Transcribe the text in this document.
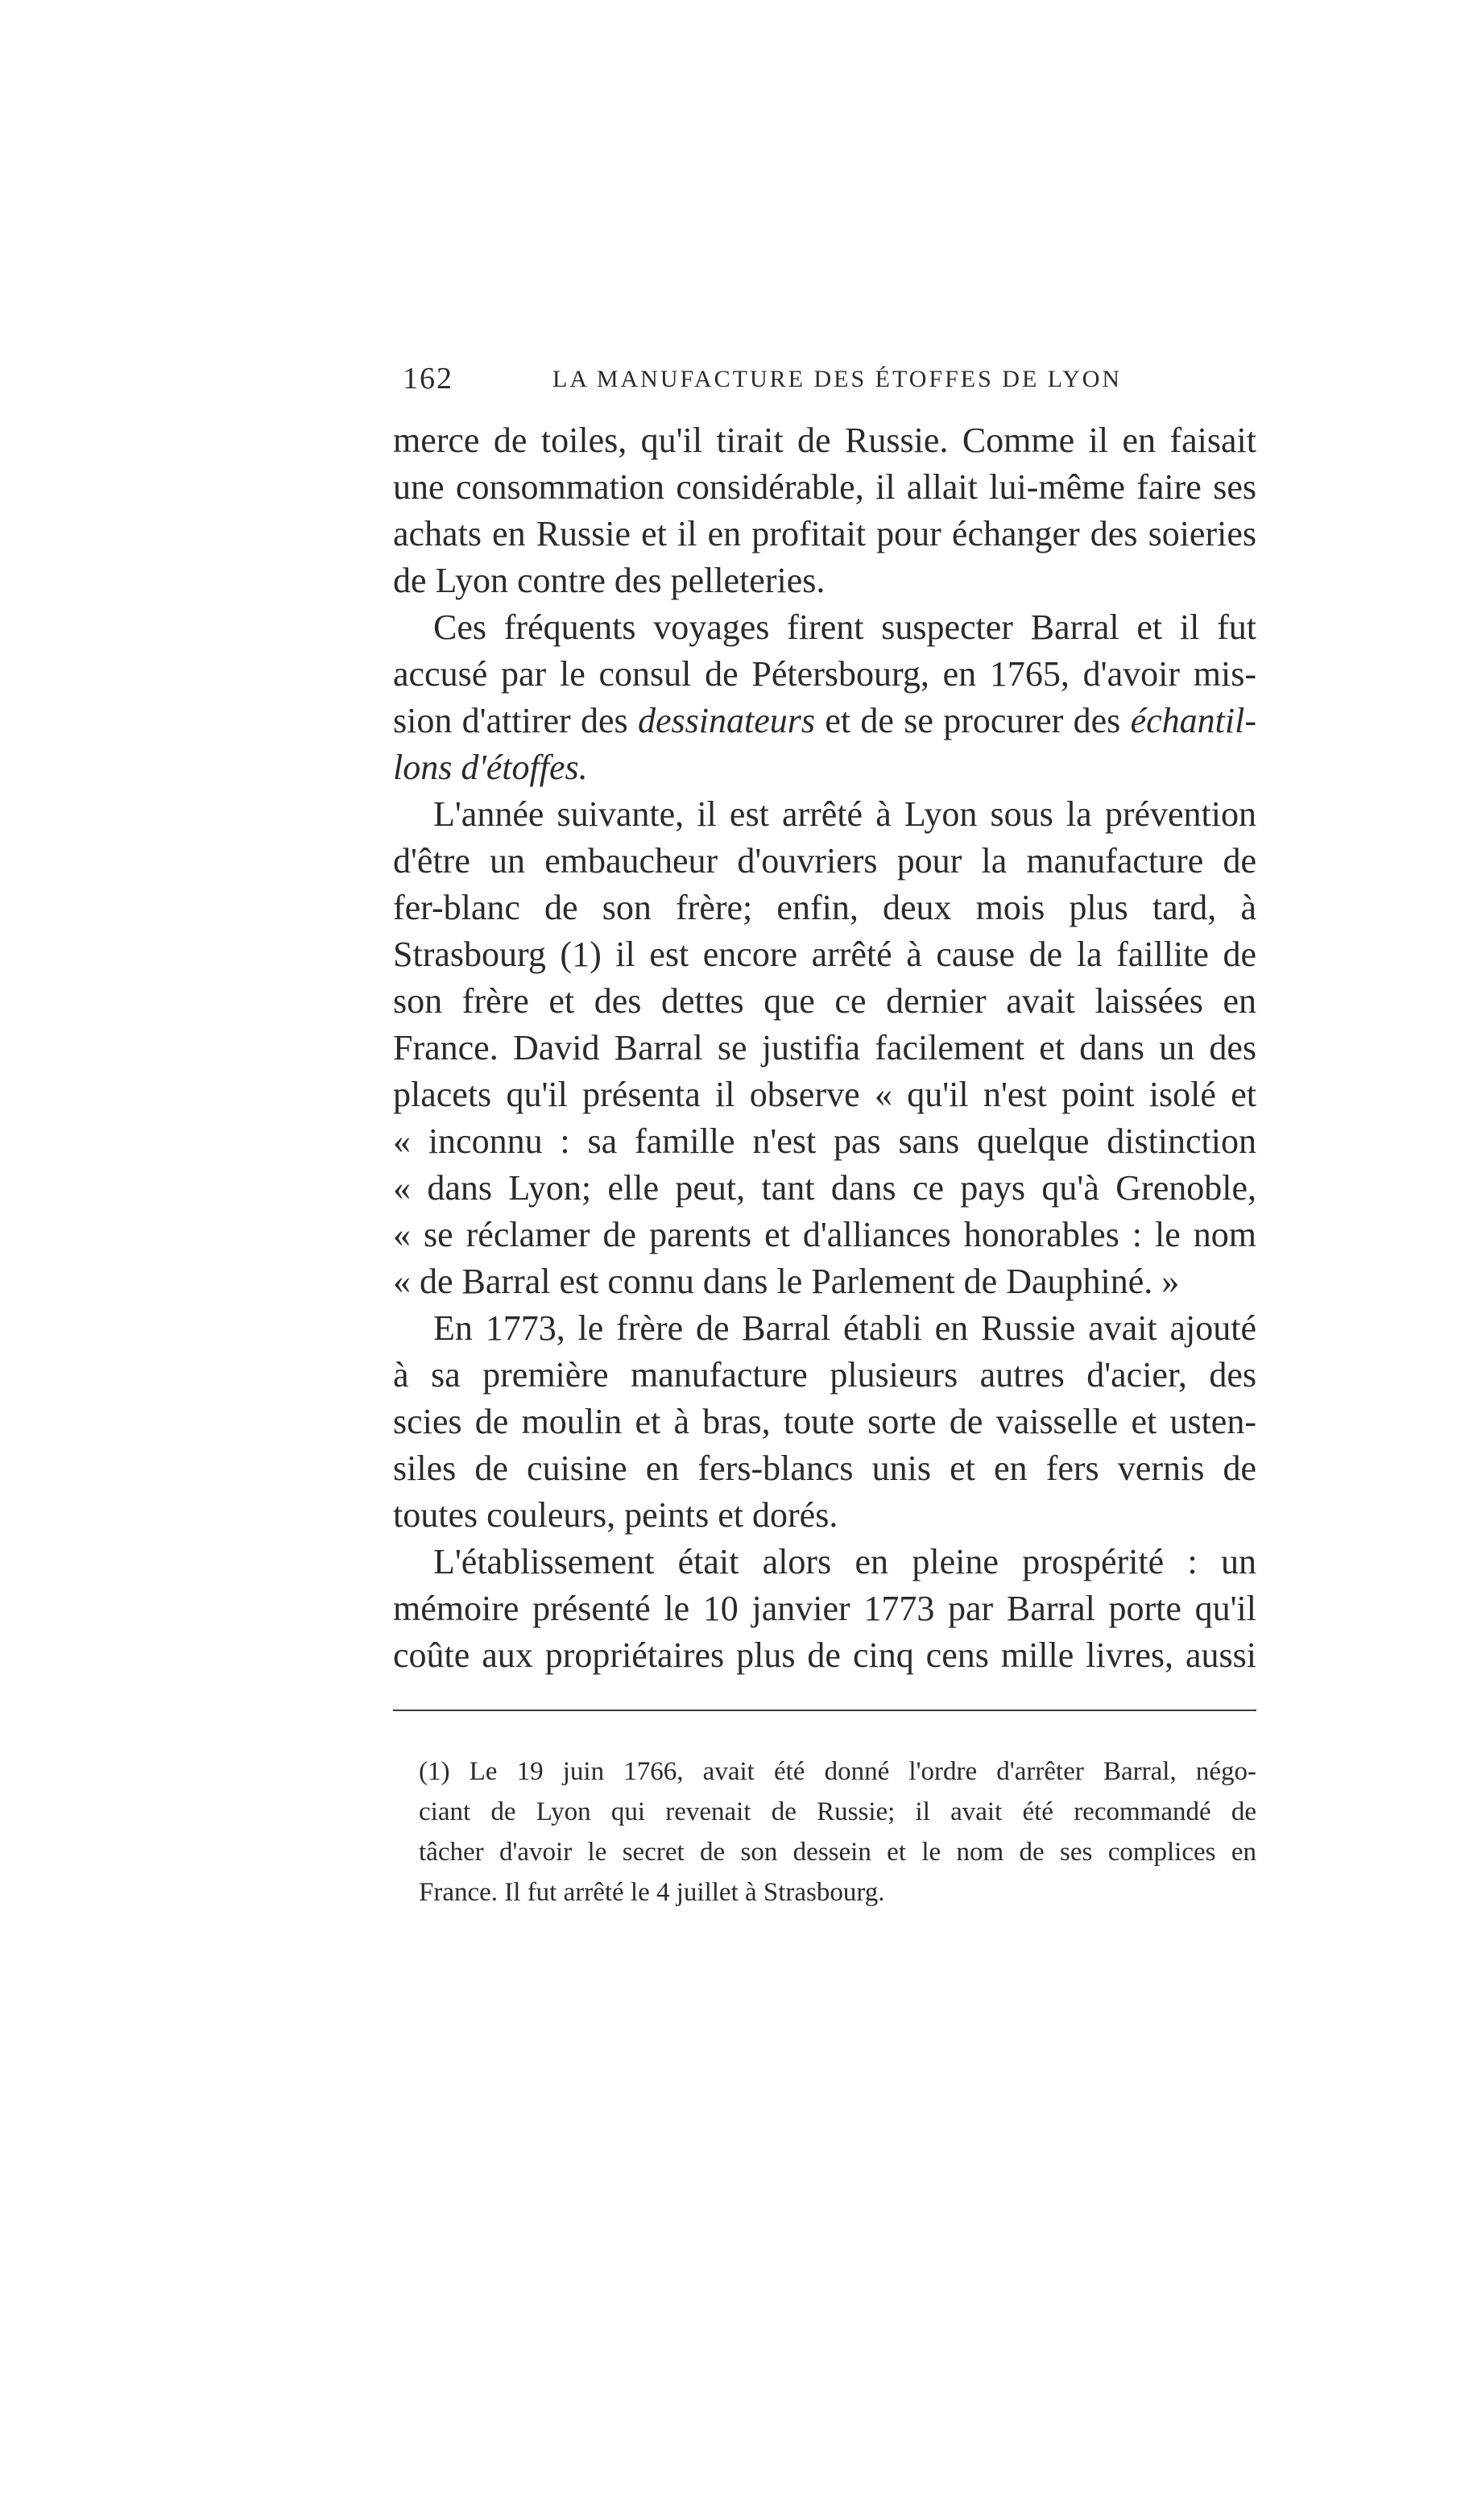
162	LA MANUFACTURE DES ÉTOFFES DE LYON
merce de toiles, qu'il tirait de Russie. Comme il en faisait
une consommation considérable, il allait lui-même faire ses
achats en Russie et il en profitait pour échanger des soieries
de Lyon contre des pelleteries.
Ces fréquents voyages firent suspecter Barral et il fut
accusé par le consul de Pétersbourg, en 1765, d'avoir mis-
sion d'attirer des dessinateurs et de se procurer des échantil-
lons d'étoffes.
L'année suivante, il est arrêté à Lyon sous la prévention
d'être un embaucheur d'ouvriers pour la manufacture de
fer-blanc de son frère; enfin, deux mois plus tard, à
Strasbourg (1) il est encore arrêté à cause de la faillite de
son frère et des dettes que ce dernier avait laissées en
France. David Barral se justifia facilement et dans un des
placets qu'il présenta il observe « qu'il n'est point isolé et
« inconnu : sa famille n'est pas sans quelque distinction
« dans Lyon; elle peut, tant dans ce pays qu'à Grenoble,
« se réclamer de parents et d'alliances honorables : le nom
« de Barral est connu dans le Parlement de Dauphiné. »
En 1773, le frère de Barral établi en Russie avait ajouté
à sa première manufacture plusieurs autres d'acier, des
scies de moulin et à bras, toute sorte de vaisselle et usten-
siles de cuisine en fers-blancs unis et en fers vernis de
toutes couleurs, peints et dorés.
L'établissement était alors en pleine prospérité : un
mémoire présenté le 10 janvier 1773 par Barral porte qu'il
coûte aux propriétaires plus de cinq cens mille livres, aussi
(1) Le 19 juin 1766, avait été donné l'ordre d'arrêter Barral, négo-
ciant de Lyon qui revenait de Russie; il avait été recommandé de
tâcher d'avoir le secret de son dessein et le nom de ses complices en
France. Il fut arrêté le 4 juillet à Strasbourg.
